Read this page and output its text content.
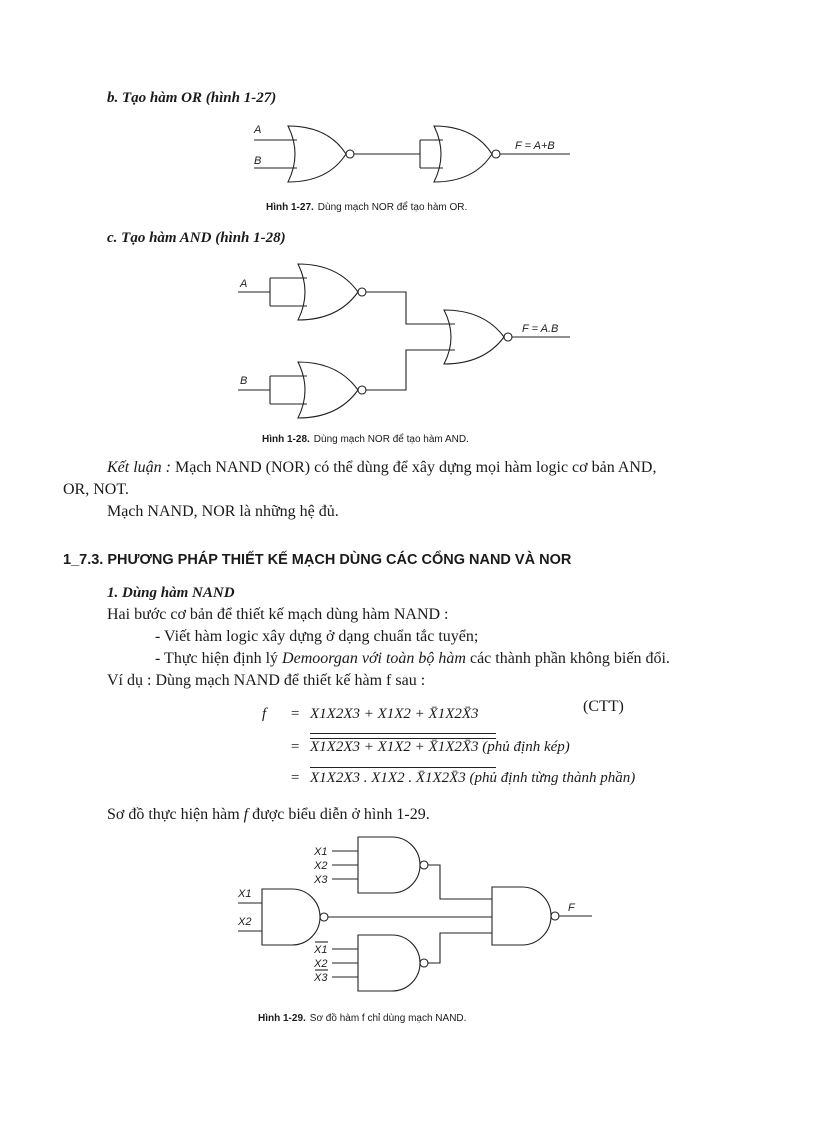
b. Tạo hàm OR (hình 1-27)
A
B
F = A+B
Hình 1-27. Dùng mạch NOR để tạo hàm OR.
c. Tạo hàm AND (hình 1-28)
A
B
F = A.B
Hình 1-28. Dùng mạch NOR để tạo hàm AND.
Kết luận : Mạch NAND (NOR) có thể dùng để xây dựng mọi hàm logic cơ bản AND,
OR, NOT.
Mạch NAND, NOR là những hệ đủ.
1_7.3. PHƯƠNG PHÁP THIẾT KẾ MẠCH DÙNG CÁC CỔNG NAND VÀ NOR
1. Dùng hàm NAND
Hai bước cơ bản để thiết kế mạch dùng hàm NAND :
- Viết hàm logic xây dựng ở dạng chuẩn tắc tuyển;
- Thực hiện định lý Demoorgan với toàn bộ hàm các thành phần không biến đổi.
Ví dụ : Dùng mạch NAND để thiết kế hàm f sau :
f = X1X2X3 + X1X2 + X̄1X2X̄3	(CTT)
= X1X2X3 + X1X2 + X̄1X2X̄3 (phủ định kép)
= X1X2X3 . X1X2 . X̄1X2X̄3 (phủ định từng thành phần)
Sơ đồ thực hiện hàm f được biểu diễn ở hình 1-29.
X1
X2
X3
X1
X2
X1
X2
X3
F
Hình 1-29. Sơ đồ hàm f chỉ dùng mạch NAND.
